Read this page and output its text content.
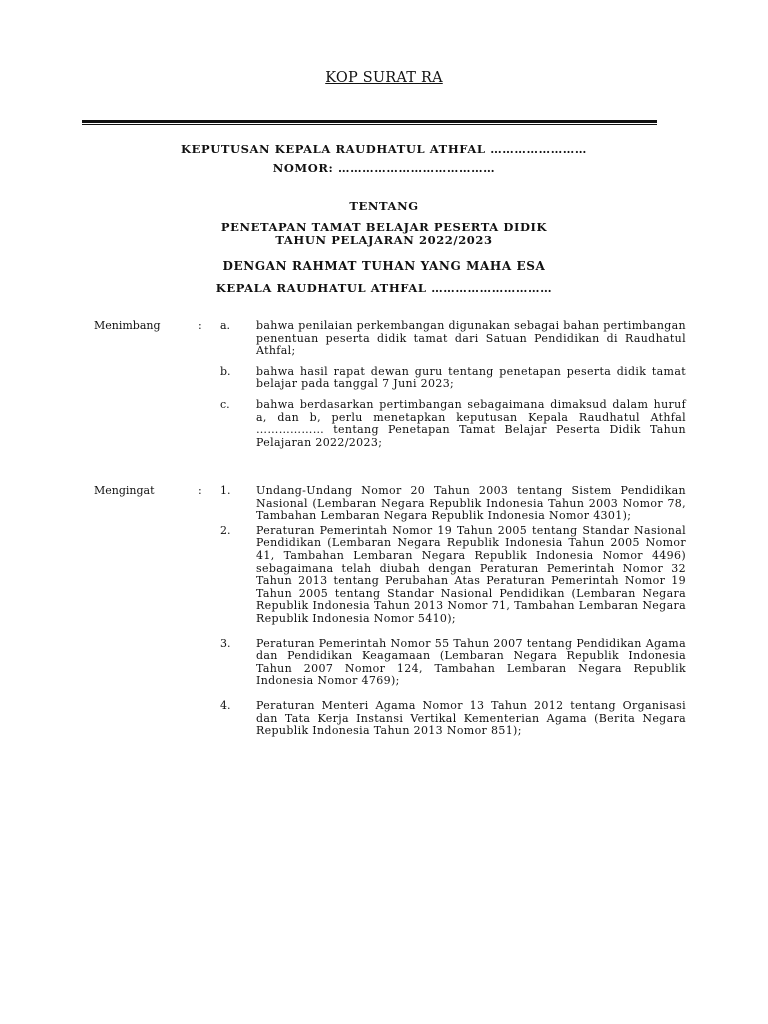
KOP SURAT RA
KEPUTUSAN KEPALA RAUDHATUL ATHFAL ……………………
NOMOR: …………………………………
TENTANG
PENETAPAN TAMAT BELAJAR PESERTA DIDIK
TAHUN PELAJARAN 2022/2023
DENGAN RAHMAT TUHAN YANG MAHA ESA
KEPALA RAUDHATUL ATHFAL …………………………
Menimbang	:	a.	bahwa penilaian perkembangan digunakan sebagai bahan pertimbangan penentuan peserta didik tamat dari Satuan Pendidikan di Raudhatul Athfal;
b.	bahwa hasil rapat dewan guru tentang penetapan peserta didik tamat belajar pada tanggal 7 Juni 2023;
c.	bahwa berdasarkan pertimbangan sebagaimana dimaksud dalam huruf a, dan b, perlu menetapkan keputusan Kepala Raudhatul Athfal ……………… tentang Penetapan Tamat Belajar Peserta Didik Tahun Pelajaran 2022/2023;
Mengingat	:	1.	Undang-Undang Nomor 20 Tahun 2003 tentang Sistem Pendidikan Nasional (Lembaran Negara Republik Indonesia Tahun 2003 Nomor 78, Tambahan Lembaran Negara Republik Indonesia Nomor 4301);
2.	Peraturan Pemerintah Nomor 19 Tahun 2005 tentang Standar Nasional Pendidikan (Lembaran Negara Republik Indonesia Tahun 2005 Nomor 41, Tambahan Lembaran Negara Republik Indonesia Nomor 4496) sebagaimana telah diubah dengan Peraturan Pemerintah Nomor 32 Tahun 2013 tentang Perubahan Atas Peraturan Pemerintah Nomor 19 Tahun 2005 tentang Standar Nasional Pendidikan (Lembaran Negara Republik Indonesia Tahun 2013 Nomor 71, Tambahan Lembaran Negara Republik Indonesia Nomor 5410);
3.	Peraturan Pemerintah Nomor 55 Tahun 2007 tentang Pendidikan Agama dan Pendidikan Keagamaan (Lembaran Negara Republik Indonesia Tahun 2007 Nomor 124, Tambahan Lembaran Negara Republik Indonesia Nomor 4769);
4.	Peraturan Menteri Agama Nomor 13 Tahun 2012 tentang Organisasi dan Tata Kerja Instansi Vertikal Kementerian Agama (Berita Negara Republik Indonesia Tahun 2013 Nomor 851);
